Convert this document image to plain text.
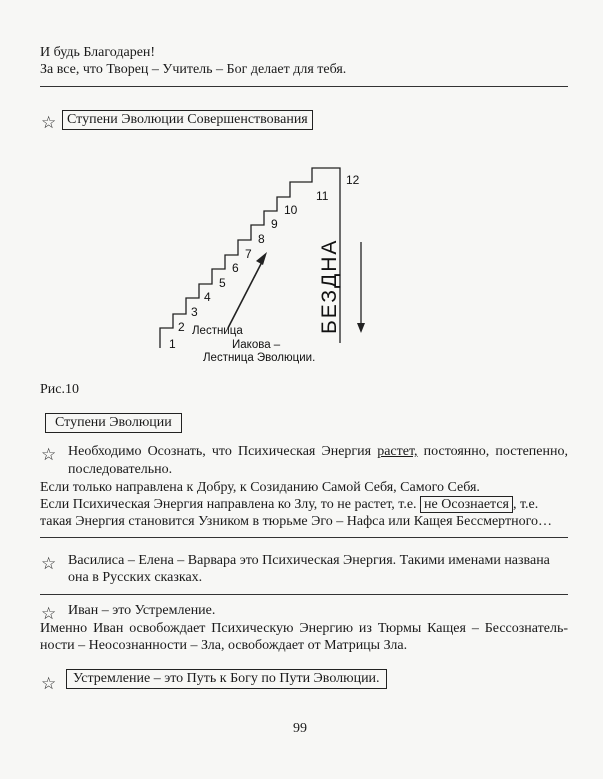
И будь Благодарен!
За все, что Творец – Учитель – Бог делает для тебя.
☆ Ступени Эволюции Совершенствования
1
2
3
4
5
6
7
8
9
10
11
12
Лестница
Иакова –
Лестница Эволюции.
БЕЗДНА
Рис.10
Ступени Эволюции
☆ Необходимо Осознать, что Психическая Энергия растет, постоянно, постепенно,
последовательно.
Если только направлена к Добру, к Созиданию Самой Себя, Самого Себя.
Если Психическая Энергия направлена ко Злу, то не растет, т.е. не Осознается , т.е.
такая Энергия становится Узником в тюрьме Эго – Нафса или Кащея Бессмертного…
☆ Василиса – Елена – Варвара это Психическая Энергия. Такими именами названа
она в Русских сказках.
☆ Иван – это Устремление.
Именно Иван освобождает Психическую Энергию из Тюрмы Кащея – Бессознатель-
ности – Неосознанности – Зла, освобождает от Матрицы Зла.
☆	Устремление – это Путь к Богу по Пути Эволюции.
99
